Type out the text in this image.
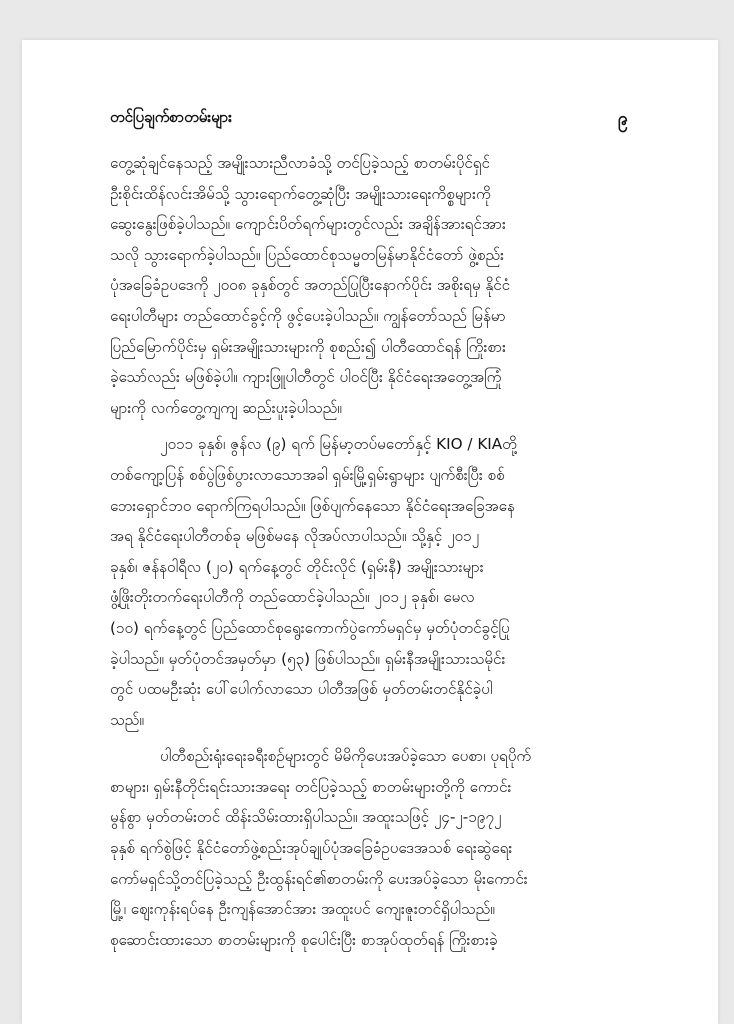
တင်ပြချက်စာတမ်းများ	၉

တွေ့ဆုံချင်နေသည့် အမျိုးသားညီလာခံသို့ တင်ပြခဲ့သည့် စာတမ်းပိုင်ရှင်
ဦးစိုင်းထိန်လင်းအိမ်သို့ သွားရောက်တွေ့ဆုံပြီး အမျိုးသားရေးကိစ္စများကို
ဆွေးနွေးဖြစ်ခဲ့ပါသည်။ ကျောင်းပိတ်ရက်များတွင်လည်း အချိန်အားရင်အား
သလို သွားရောက်ခဲ့ပါသည်။ ပြည်ထောင်စုသမ္မတမြန်မာနိုင်ငံတော် ဖွဲ့စည်း
ပုံအခြေခံဥပဒေကို ၂၀၀၈ ခုနှစ်တွင် အတည်ပြုပြီးနောက်ပိုင်း အစိုးရမှ နိုင်ငံ
ရေးပါတီများ တည်ထောင်ခွင့်ကို ဖွင့်ပေးခဲ့ပါသည်။ ကျွန်တော်သည် မြန်မာ
ပြည်မြောက်ပိုင်းမှ ရှမ်းအမျိုးသားများကို စုစည်း၍ ပါတီထောင်ရန် ကြိုးစား
ခဲ့သော်လည်း မဖြစ်ခဲ့ပါ။ ကျားဖြူပါတီတွင် ပါဝင်ပြီး နိုင်ငံရေးအတွေ့အကြုံ
များကို လက်တွေ့ကျကျ ဆည်းပူးခဲ့ပါသည်။

၂၀၁၁ ခုနှစ်၊ ဇွန်လ (၉) ရက် မြန်မာ့တပ်မတော်နှင့် KIO / KIAတို့
တစ်ကျော့ပြန် စစ်ပွဲဖြစ်ပွားလာသောအခါ ရှမ်းမြို့ရှမ်းရွာများ ပျက်စီးပြီး စစ်
ဘေးရှောင်ဘဝ ရောက်ကြရပါသည်။ ဖြစ်ပျက်နေသော နိုင်ငံရေးအခြေအနေ
အရ နိုင်ငံရေးပါတီတစ်ခု မဖြစ်မနေ လိုအပ်လာပါသည်။ သို့နှင့် ၂၀၁၂
ခုနှစ်၊ ဇန်နဝါရီလ (၂၀) ရက်နေ့တွင် တိုင်းလိုင် (ရှမ်းနီ) အမျိုးသားများ
ဖွံ့ဖြိုးတိုးတက်ရေးပါတီကို တည်ထောင်ခဲ့ပါသည်။ ၂၀၁၂ ခုနှစ်၊ မေလ
(၁၀) ရက်နေ့တွင် ပြည်ထောင်စုရွေးကောက်ပွဲကော်မရှင်မှ မှတ်ပုံတင်ခွင့်ပြု
ခဲ့ပါသည်။ မှတ်ပုံတင်အမှတ်မှာ (၅၃) ဖြစ်ပါသည်။ ရှမ်းနီအမျိုးသားသမိုင်း
တွင် ပထမဦးဆုံး ပေါ်ပေါက်လာသော ပါတီအဖြစ် မှတ်တမ်းတင်နိုင်ခဲ့ပါ
သည်။

ပါတီစည်းရုံးရေးခရီးစဉ်များတွင် မိမိကိုပေးအပ်ခဲ့သော ပေစာ၊ ပုရပိုက်
စာများ၊ ရှမ်းနီတိုင်းရင်းသားအရေး တင်ပြခဲ့သည့် စာတမ်းများတို့ကို ကောင်း
မွန်စွာ မှတ်တမ်းတင် ထိန်းသိမ်းထားရှိပါသည်။ အထူးသဖြင့် ၂၄-၂-၁၉၇၂
ခုနှစ် ရက်စွဲဖြင့် နိုင်ငံတော်ဖွဲ့စည်းအုပ်ချုပ်ပုံအခြေခံဥပဒေအသစ် ရေးဆွဲရေး
ကော်မရှင်သို့တင်ပြခဲ့သည့် ဦးထွန်းရင်၏စာတမ်းကို ပေးအပ်ခဲ့သော မိုးကောင်း
မြို့၊ ဈေးကုန်းရပ်နေ ဦးကျန်အောင်အား အထူးပင် ကျေးဇူးတင်ရှိပါသည်။
စုဆောင်းထားသော စာတမ်းများကို စုပေါင်းပြီး စာအုပ်ထုတ်ရန် ကြိုးစားခဲ့
